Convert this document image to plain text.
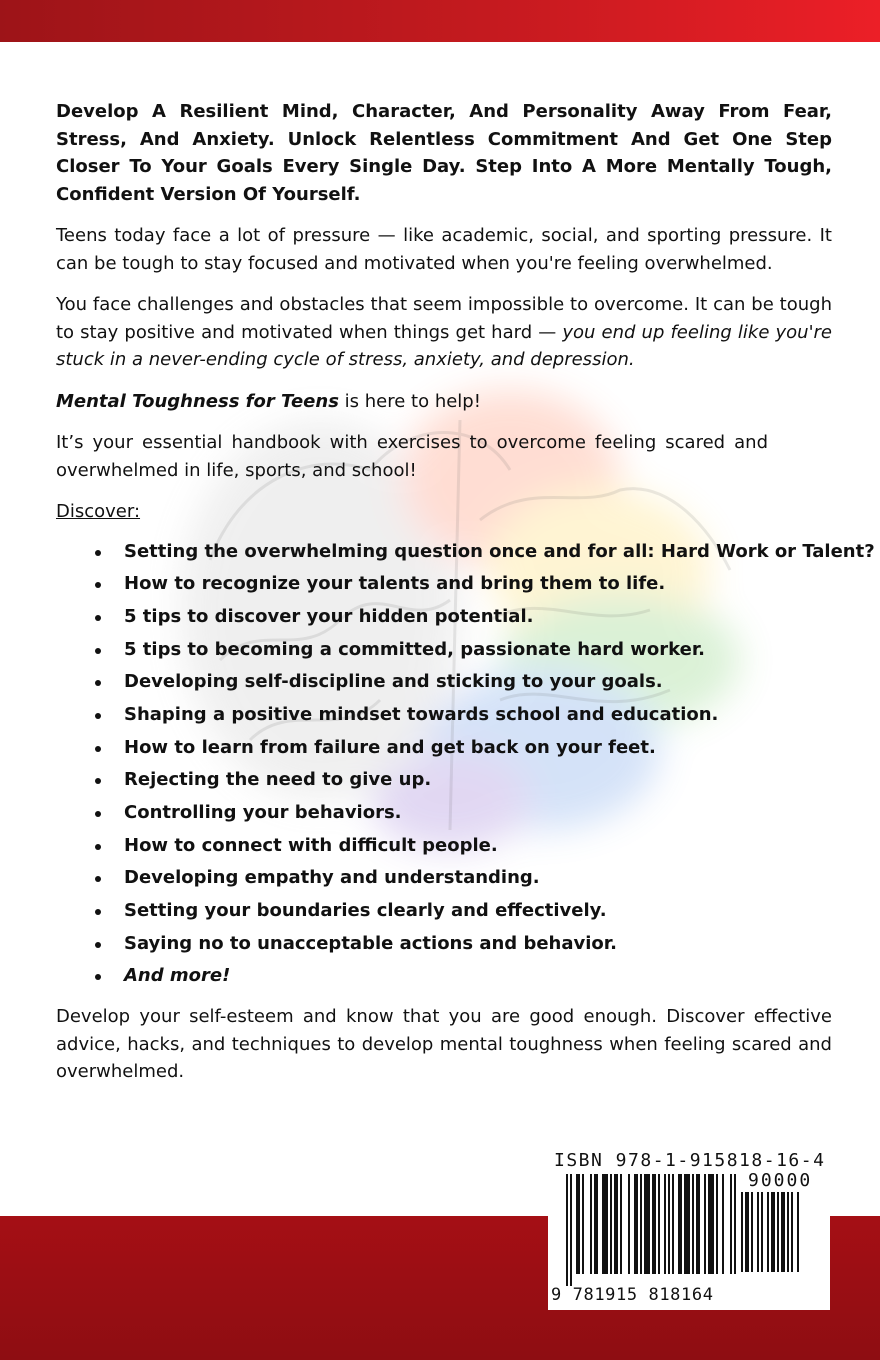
Develop A Resilient Mind, Character, And Personality Away From Fear, Stress, And Anxiety. Unlock Relentless Commitment And Get One Step Closer To Your Goals Every Single Day. Step Into A More Mentally Tough, Confident Version Of Yourself.

Teens today face a lot of pressure — like academic, social, and sporting pressure. It can be tough to stay focused and motivated when you're feeling overwhelmed.

You face challenges and obstacles that seem impossible to overcome. It can be tough to stay positive and motivated when things get hard — you end up feeling like you're stuck in a never-ending cycle of stress, anxiety, and depression.

Mental Toughness for Teens is here to help!

It’s your essential handbook with exercises to overcome feeling scared and overwhelmed in life, sports, and school!

Discover:

Setting the overwhelming question once and for all: Hard Work or Talent?
How to recognize your talents and bring them to life.
5 tips to discover your hidden potential.
5 tips to becoming a committed, passionate hard worker.
Developing self-discipline and sticking to your goals.
Shaping a positive mindset towards school and education.
How to learn from failure and get back on your feet.
Rejecting the need to give up.
Controlling your behaviors.
How to connect with difficult people.
Developing empathy and understanding.
Setting your boundaries clearly and effectively.
Saying no to unacceptable actions and behavior.
And more!

Develop your self-esteem and know that you are good enough. Discover effective advice, hacks, and techniques to develop mental toughness when feeling scared and overwhelmed.

ISBN 978-1-915818-16-4
90000
9 781915 818164
